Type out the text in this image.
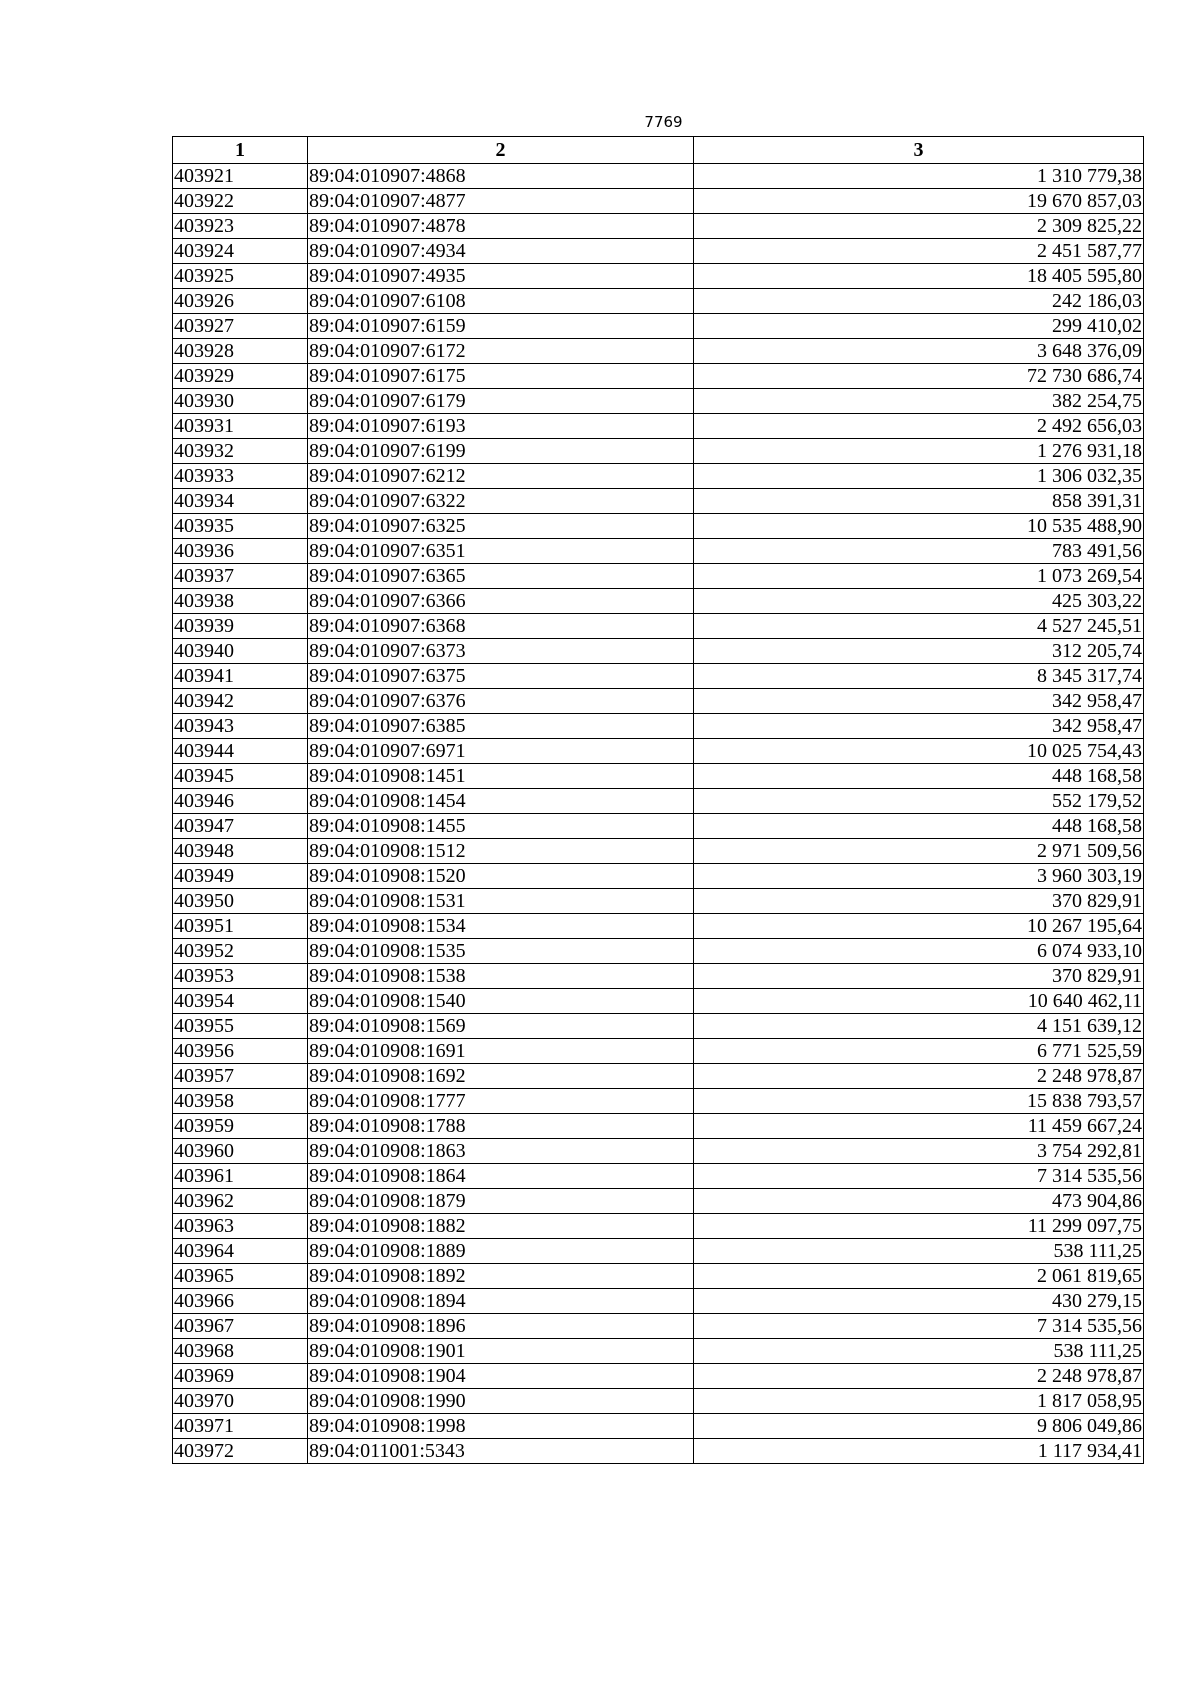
7769
1	2	3
403921	89:04:010907:4868	1 310 779,38
403922	89:04:010907:4877	19 670 857,03
403923	89:04:010907:4878	2 309 825,22
403924	89:04:010907:4934	2 451 587,77
403925	89:04:010907:4935	18 405 595,80
403926	89:04:010907:6108	242 186,03
403927	89:04:010907:6159	299 410,02
403928	89:04:010907:6172	3 648 376,09
403929	89:04:010907:6175	72 730 686,74
403930	89:04:010907:6179	382 254,75
403931	89:04:010907:6193	2 492 656,03
403932	89:04:010907:6199	1 276 931,18
403933	89:04:010907:6212	1 306 032,35
403934	89:04:010907:6322	858 391,31
403935	89:04:010907:6325	10 535 488,90
403936	89:04:010907:6351	783 491,56
403937	89:04:010907:6365	1 073 269,54
403938	89:04:010907:6366	425 303,22
403939	89:04:010907:6368	4 527 245,51
403940	89:04:010907:6373	312 205,74
403941	89:04:010907:6375	8 345 317,74
403942	89:04:010907:6376	342 958,47
403943	89:04:010907:6385	342 958,47
403944	89:04:010907:6971	10 025 754,43
403945	89:04:010908:1451	448 168,58
403946	89:04:010908:1454	552 179,52
403947	89:04:010908:1455	448 168,58
403948	89:04:010908:1512	2 971 509,56
403949	89:04:010908:1520	3 960 303,19
403950	89:04:010908:1531	370 829,91
403951	89:04:010908:1534	10 267 195,64
403952	89:04:010908:1535	6 074 933,10
403953	89:04:010908:1538	370 829,91
403954	89:04:010908:1540	10 640 462,11
403955	89:04:010908:1569	4 151 639,12
403956	89:04:010908:1691	6 771 525,59
403957	89:04:010908:1692	2 248 978,87
403958	89:04:010908:1777	15 838 793,57
403959	89:04:010908:1788	11 459 667,24
403960	89:04:010908:1863	3 754 292,81
403961	89:04:010908:1864	7 314 535,56
403962	89:04:010908:1879	473 904,86
403963	89:04:010908:1882	11 299 097,75
403964	89:04:010908:1889	538 111,25
403965	89:04:010908:1892	2 061 819,65
403966	89:04:010908:1894	430 279,15
403967	89:04:010908:1896	7 314 535,56
403968	89:04:010908:1901	538 111,25
403969	89:04:010908:1904	2 248 978,87
403970	89:04:010908:1990	1 817 058,95
403971	89:04:010908:1998	9 806 049,86
403972	89:04:011001:5343	1 117 934,41
